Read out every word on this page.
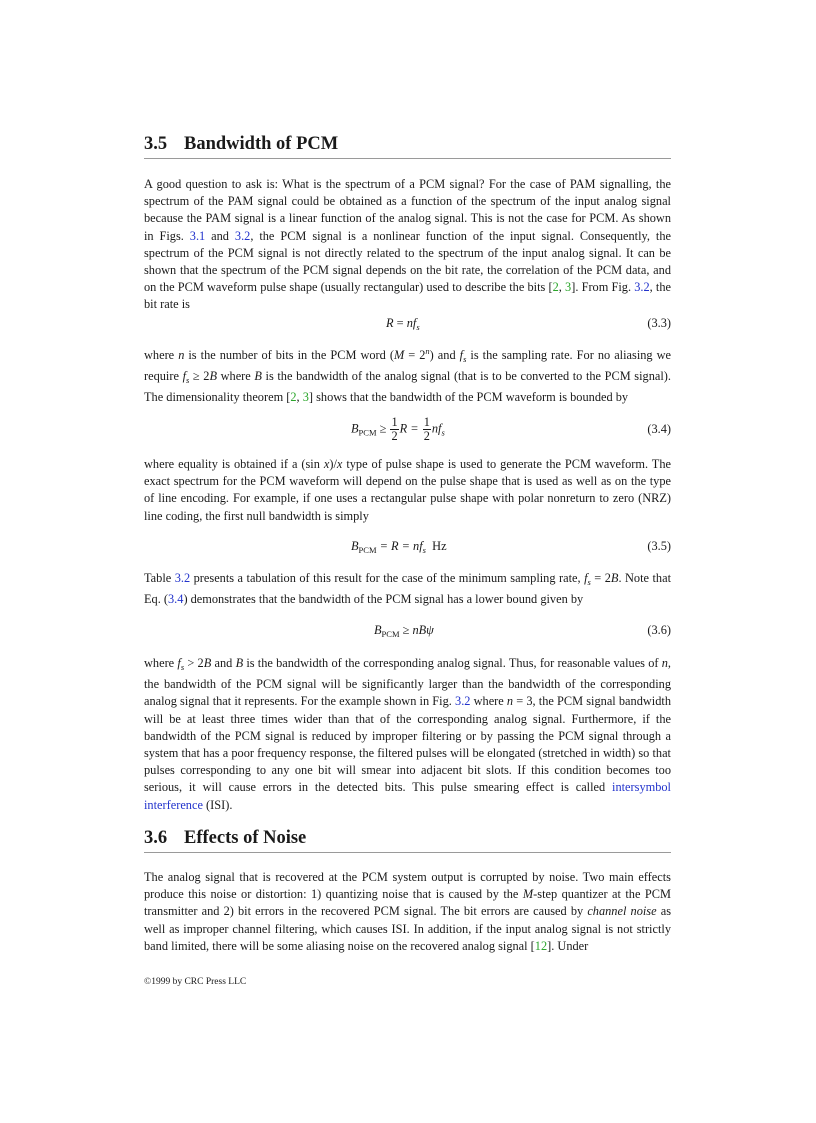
3.5 Bandwidth of PCM

A good question to ask is: What is the spectrum of a PCM signal? For the case of PAM signalling, the spectrum of the PAM signal could be obtained as a function of the spectrum of the input analog signal because the PAM signal is a linear function of the analog signal. This is not the case for PCM. As shown in Figs. 3.1 and 3.2, the PCM signal is a nonlinear function of the input signal. Consequently, the spectrum of the PCM signal is not directly related to the spectrum of the input analog signal. It can be shown that the spectrum of the PCM signal depends on the bit rate, the correlation of the PCM data, and on the PCM waveform pulse shape (usually rectangular) used to describe the bits [2, 3]. From Fig. 3.2, the bit rate is

$R = nf_s$	(3.3)

where n is the number of bits in the PCM word $(M = 2^n)$ and $f_s$ is the sampling rate. For no aliasing we require $f_s \ge 2B$ where B is the bandwidth of the analog signal (that is to be converted to the PCM signal). The dimensionality theorem [2, 3] shows that the bandwidth of the PCM waveform is bounded by

$B_{PCM} \ge \frac{1}{2}$ $R = \frac{1}{2} nf_s$	(3.4)

where equality is obtained if a (sin x)/x type of pulse shape is used to generate the PCM waveform. The exact spectrum for the PCM waveform will depend on the pulse shape that is used as well as on the type of line encoding. For example, if one uses a rectangular pulse shape with polar nonreturn to zero (NRZ) line coding, the first null bandwidth is simply

$B_{PCM} = R = nf_s$ Hz	(3.5)

Table 3.2 presents a tabulation of this result for the case of the minimum sampling rate, $f_s = 2B$. Note that Eq. (3.4) demonstrates that the bandwidth of the PCM signal has a lower bound given by

$B_{PCM} \ge nB\psi$	(3.6)

where $f_s > 2B$ and B is the bandwidth of the corresponding analog signal. Thus, for reasonable values of n, the bandwidth of the PCM signal will be significantly larger than the bandwidth of the corresponding analog signal that it represents. For the example shown in Fig. 3.2 where n = 3, the PCM signal bandwidth will be at least three times wider than that of the corresponding analog signal. Furthermore, if the bandwidth of the PCM signal is reduced by improper filtering or by passing the PCM signal through a system that has a poor frequency response, the filtered pulses will be elongated (stretched in width) so that pulses corresponding to any one bit will smear into adjacent bit slots. If this condition becomes too serious, it will cause errors in the detected bits. This pulse smearing effect is called intersymbol interference (ISI).

3.6 Effects of Noise

The analog signal that is recovered at the PCM system output is corrupted by noise. Two main effects produce this noise or distortion: 1) quantizing noise that is caused by the M-step quantizer at the PCM transmitter and 2) bit errors in the recovered PCM signal. The bit errors are caused by channel noise as well as improper channel filtering, which causes ISI. In addition, if the input analog signal is not strictly band limited, there will be some aliasing noise on the recovered analog signal [12]. Under

©1999 by CRC Press LLC
